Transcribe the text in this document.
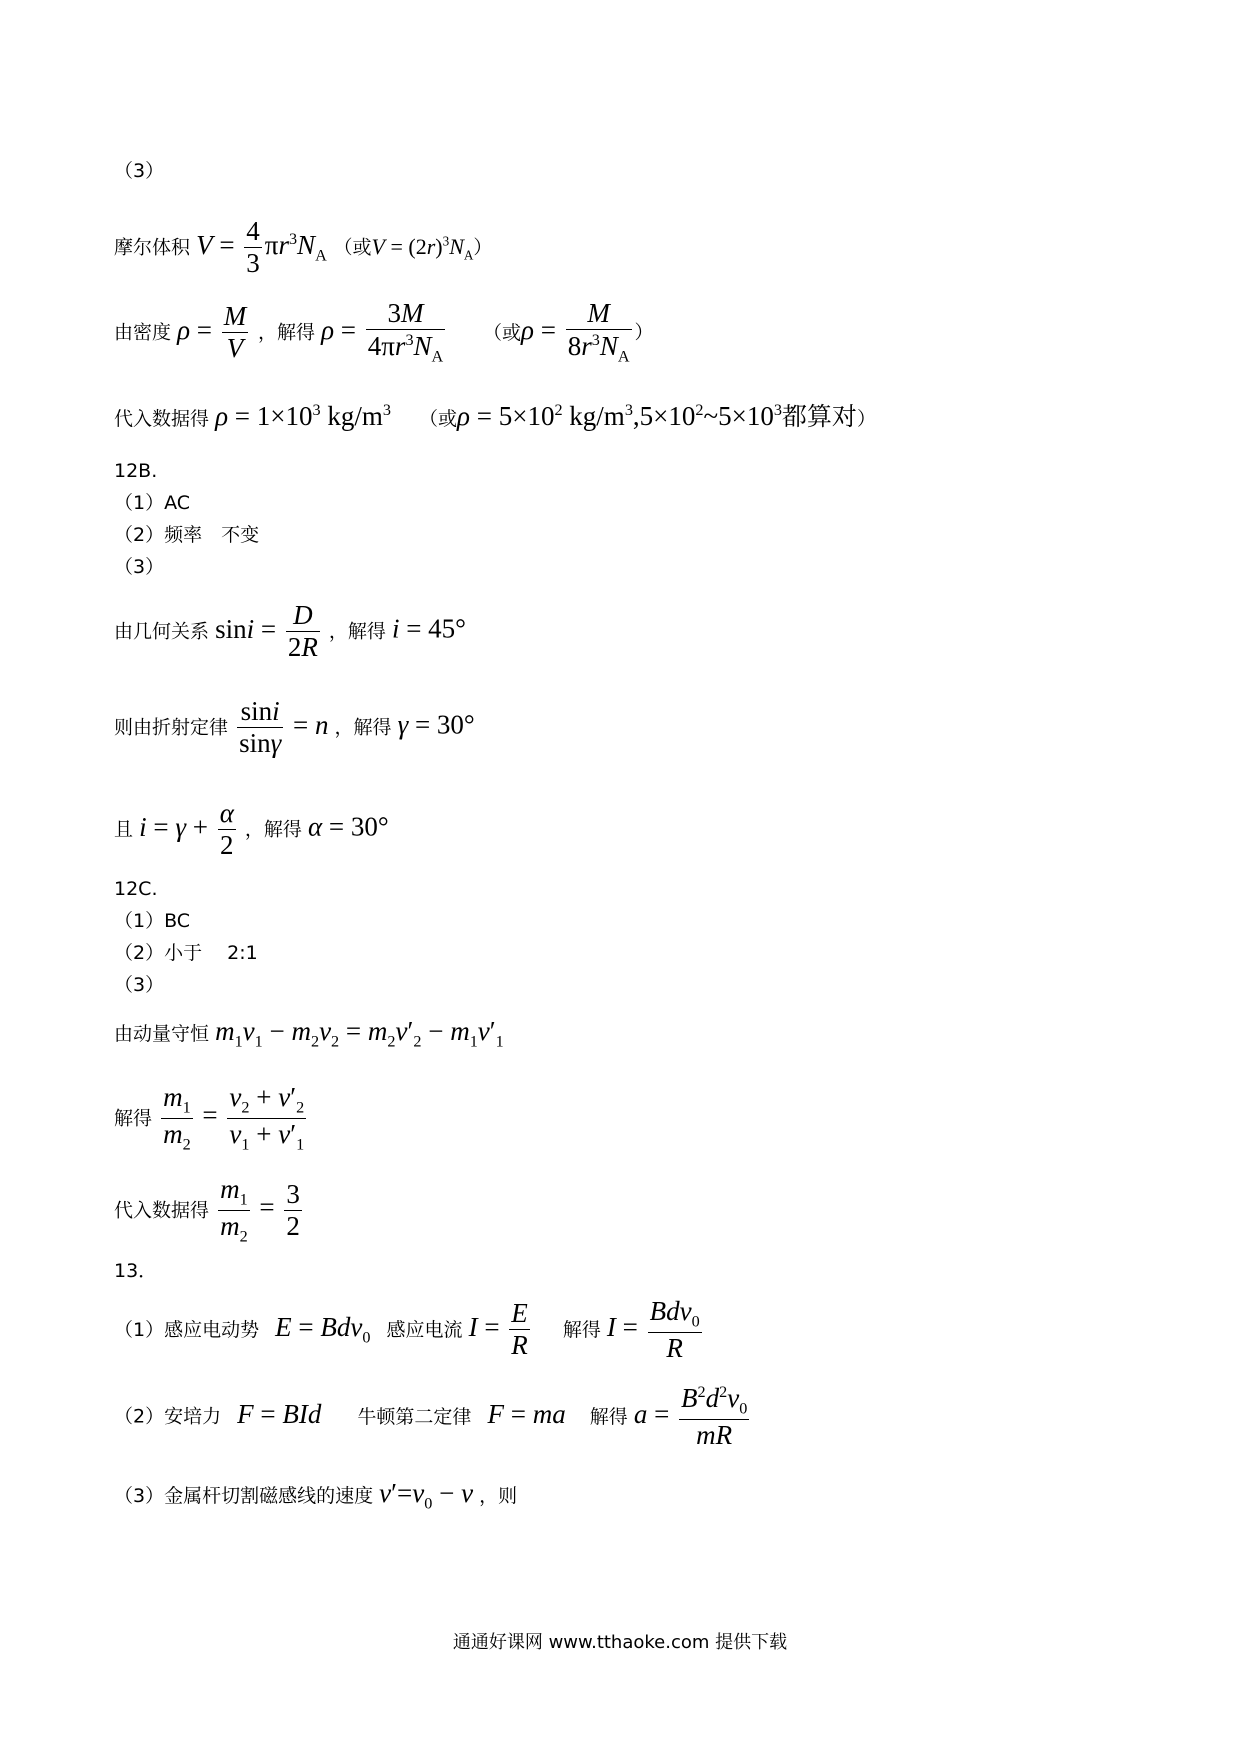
（3）
摩尔体积 $V = \frac{4}{3} \pi r^3N_A$ （或$V = (2r)^3N_A$）
由密度 $\rho = \frac{M}{V}$ ，解得 $\rho = \frac{3M}{4\pi r^3N_A}$ （或$\rho = \frac{M}{8r^3N_A}$ ）
代入数据得 $\rho = 1\times 10^3$ $kg/m^3$ （或$\rho = 5\times 10^2$ $kg/m^3,5\times 10^2\sim 5\times 10^3$都算对）
12B.
（1）AC
（2）频率　不变
（3）
由几何关系 $\sin i = \frac{D}{2R}$ ，解得 i = 45°
则由折射定律 $\frac{\sin i}{\sin\gamma} = n$ ，解得 γ = 30°
且 $i = \gamma + \frac{\alpha}{2}$ ，解得 α = 30°
12C.
（1）BC
（2）小于　 2:1
（3）
由动量守恒 $m_1v_1 - m_2v_2 = m_2v'_2 - m_1v'_1$
解得 $\frac{m_1}{m_2} = \frac{v_2 + v'_2}{v_1 + v'_1}$
代入数据得 $\frac{m_1}{m_2} = \frac{3}{2}$
13．
（1）感应电动势 E = Bdv$_0$ 感应电流 $I = \frac{E}{R}$ 解得 $I = \frac{Bdv_0}{R}$
（2）安培力 F = BId 牛顿第二定律 F = ma 解得 $a = \frac{B^2d^2v_0}{mR}$
（3）金属杆切割磁感线的速度 $v'=v_0 - v$ ，则
通通好课网 www.tthaoke.com 提供下载
